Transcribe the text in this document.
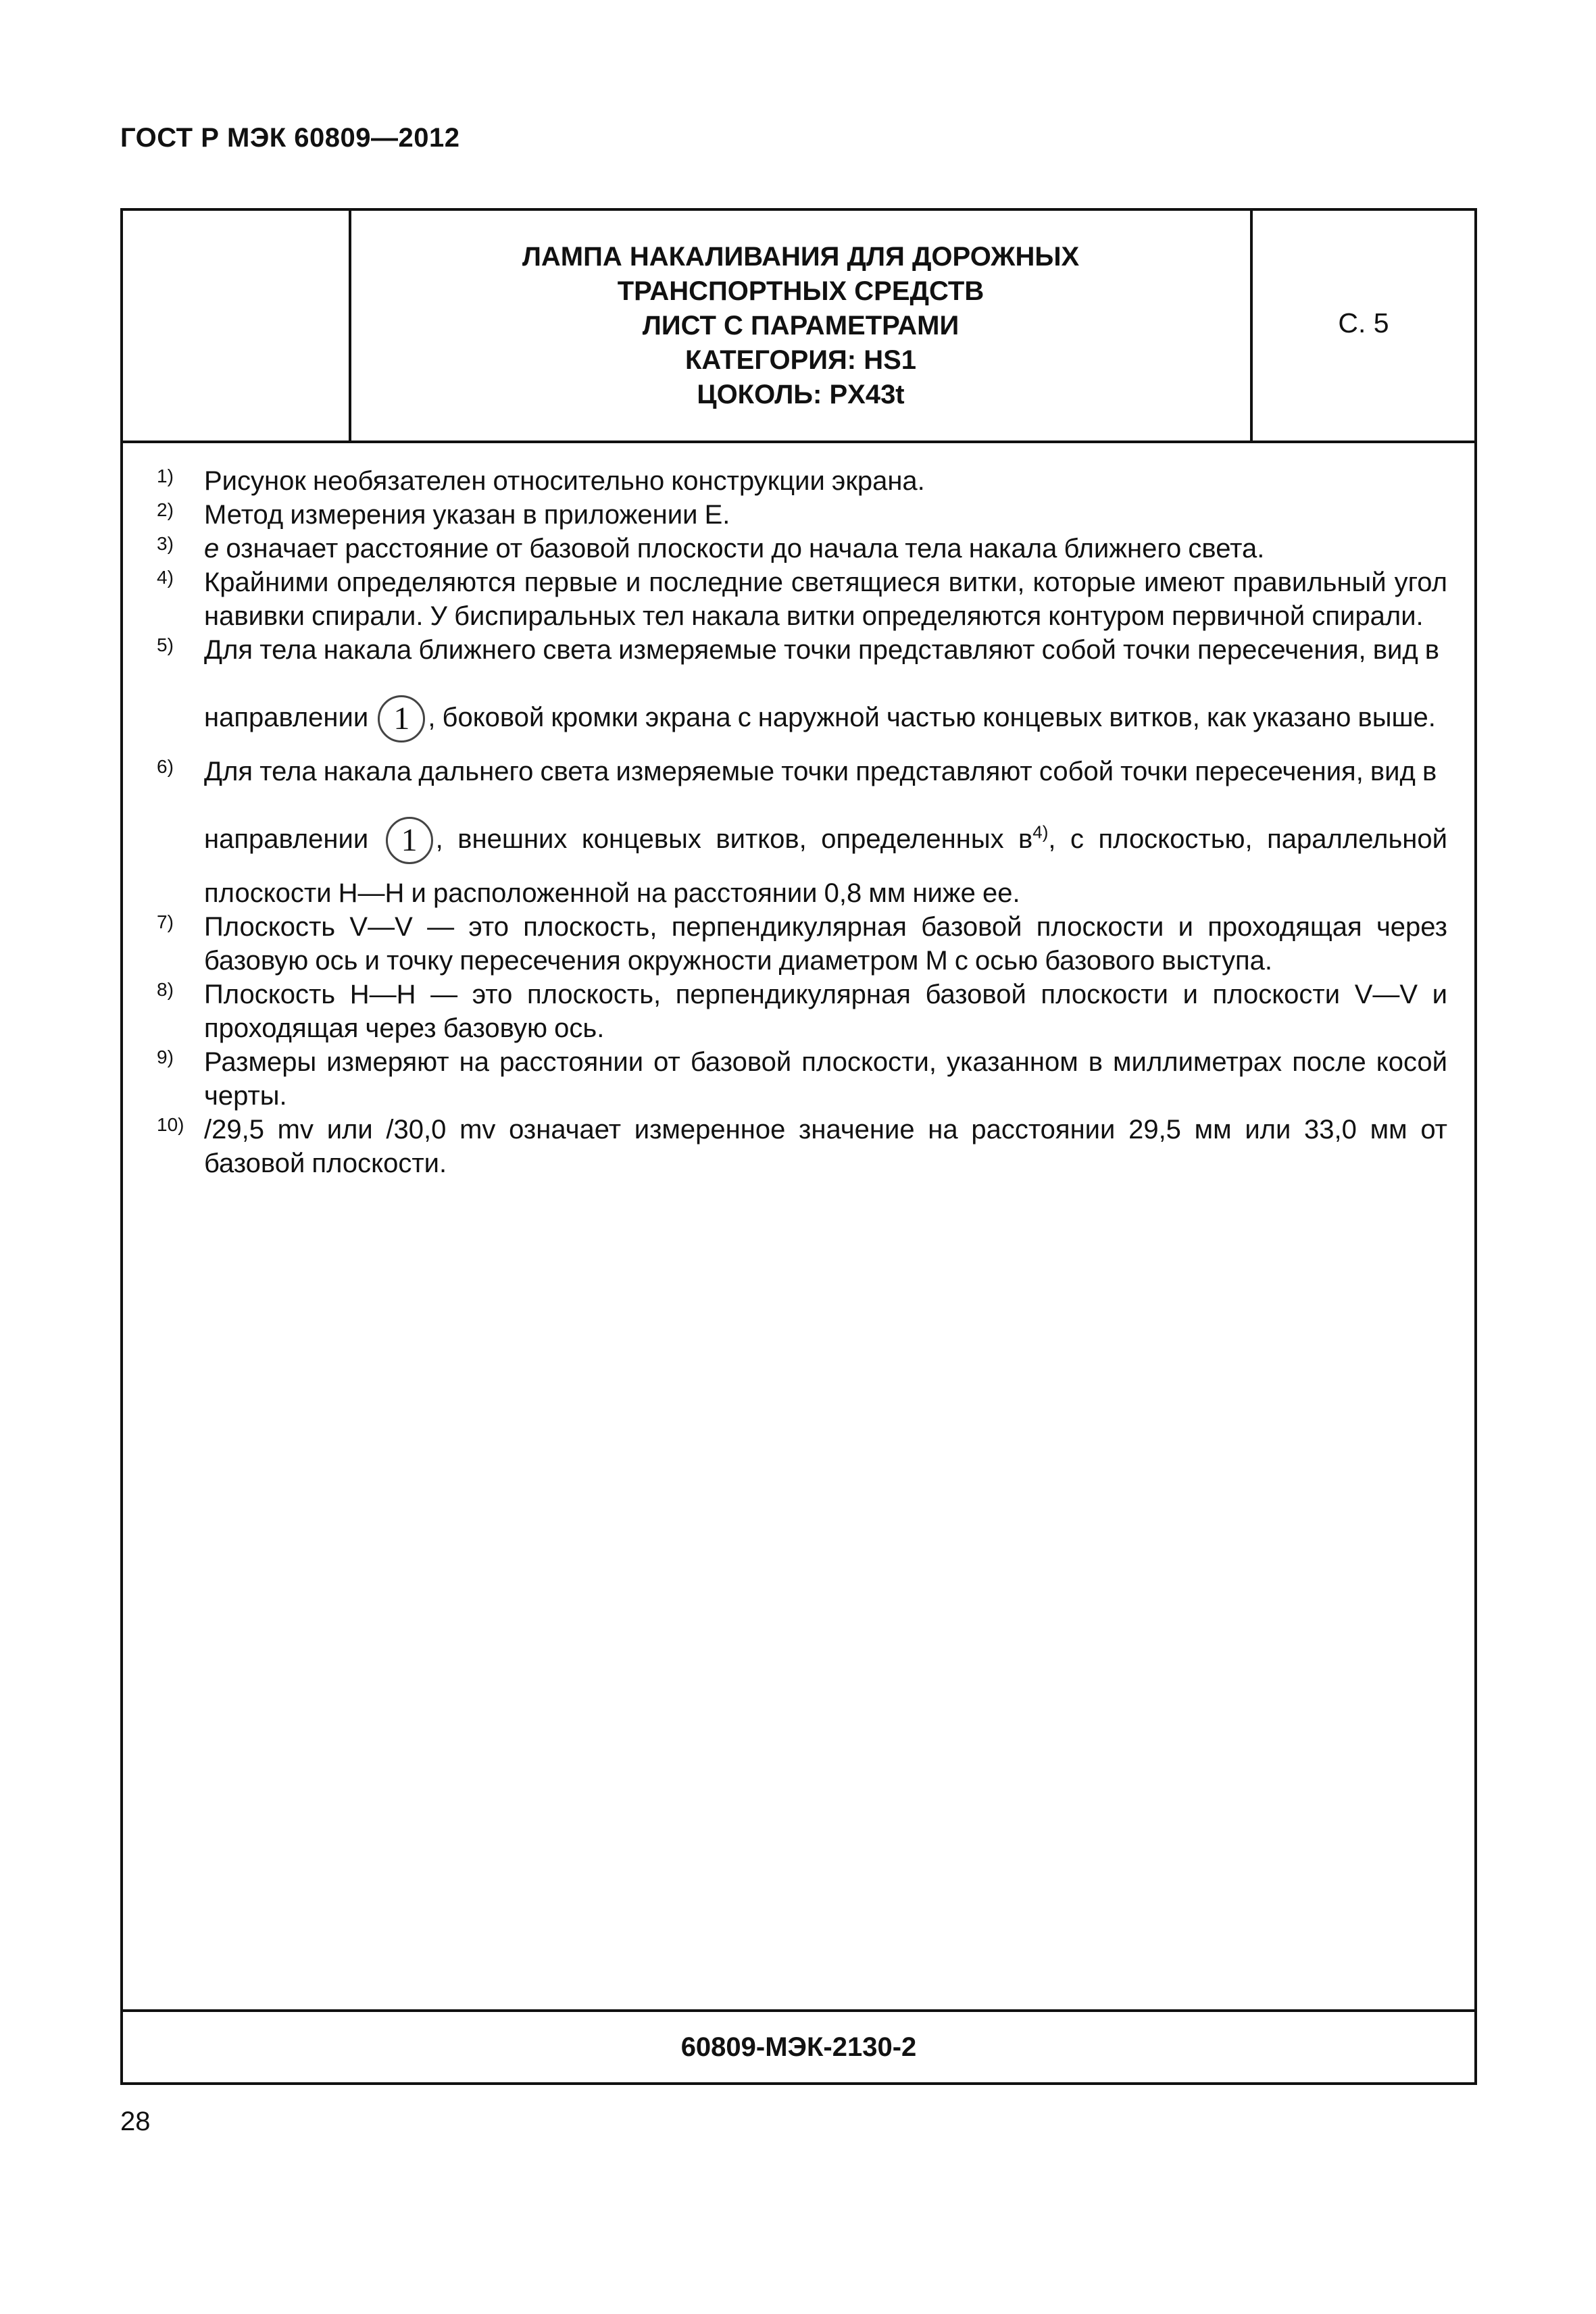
ГОСТ Р МЭК 60809—2012
ЛАМПА НАКАЛИВАНИЯ ДЛЯ ДОРОЖНЫХ
ТРАНСПОРТНЫХ СРЕДСТВ
ЛИСТ С ПАРАМЕТРАМИ
КАТЕГОРИЯ: HS1
ЦОКОЛЬ: PX43t
С. 5
1) Рисунок необязателен относительно конструкции экрана.
2) Метод измерения указан в приложении Е.
3) е означает расстояние от базовой плоскости до начала тела накала ближнего света.
4) Крайними определяются первые и последние светящиеся витки, которые имеют правильный угол навивки спирали. У биспиральных тел накала витки определяются контуром первичной спирали.
5) Для тела накала ближнего света измеряемые точки представляют собой точки пересечения, вид в
направлении 1 , боковой кромки экрана с наружной частью концевых витков, как указано выше.
6) Для тела накала дальнего света измеряемые точки представляют собой точки пересечения, вид в
направлении 1 , внешних концевых витков, определенных $в^{4)}$, с плоскостью, параллельной
плоскости Н—Н и расположенной на расстоянии 0,8 мм ниже ее.
7) Плоскость V—V — это плоскость, перпендикулярная базовой плоскости и проходящая через базовую ось и точку пересечения окружности диаметром М с осью базового выступа.
8) Плоскость Н—Н — это плоскость, перпендикулярная базовой плоскости и плоскости V—V и проходящая через базовую ось.
9) Размеры измеряют на расстоянии от базовой плоскости, указанном в миллиметрах после косой черты.
10) /29,5 mv или /30,0 mv означает измеренное значение на расстоянии 29,5 мм или 33,0 мм от базовой плоскости.
60809-МЭК-2130-2
28
